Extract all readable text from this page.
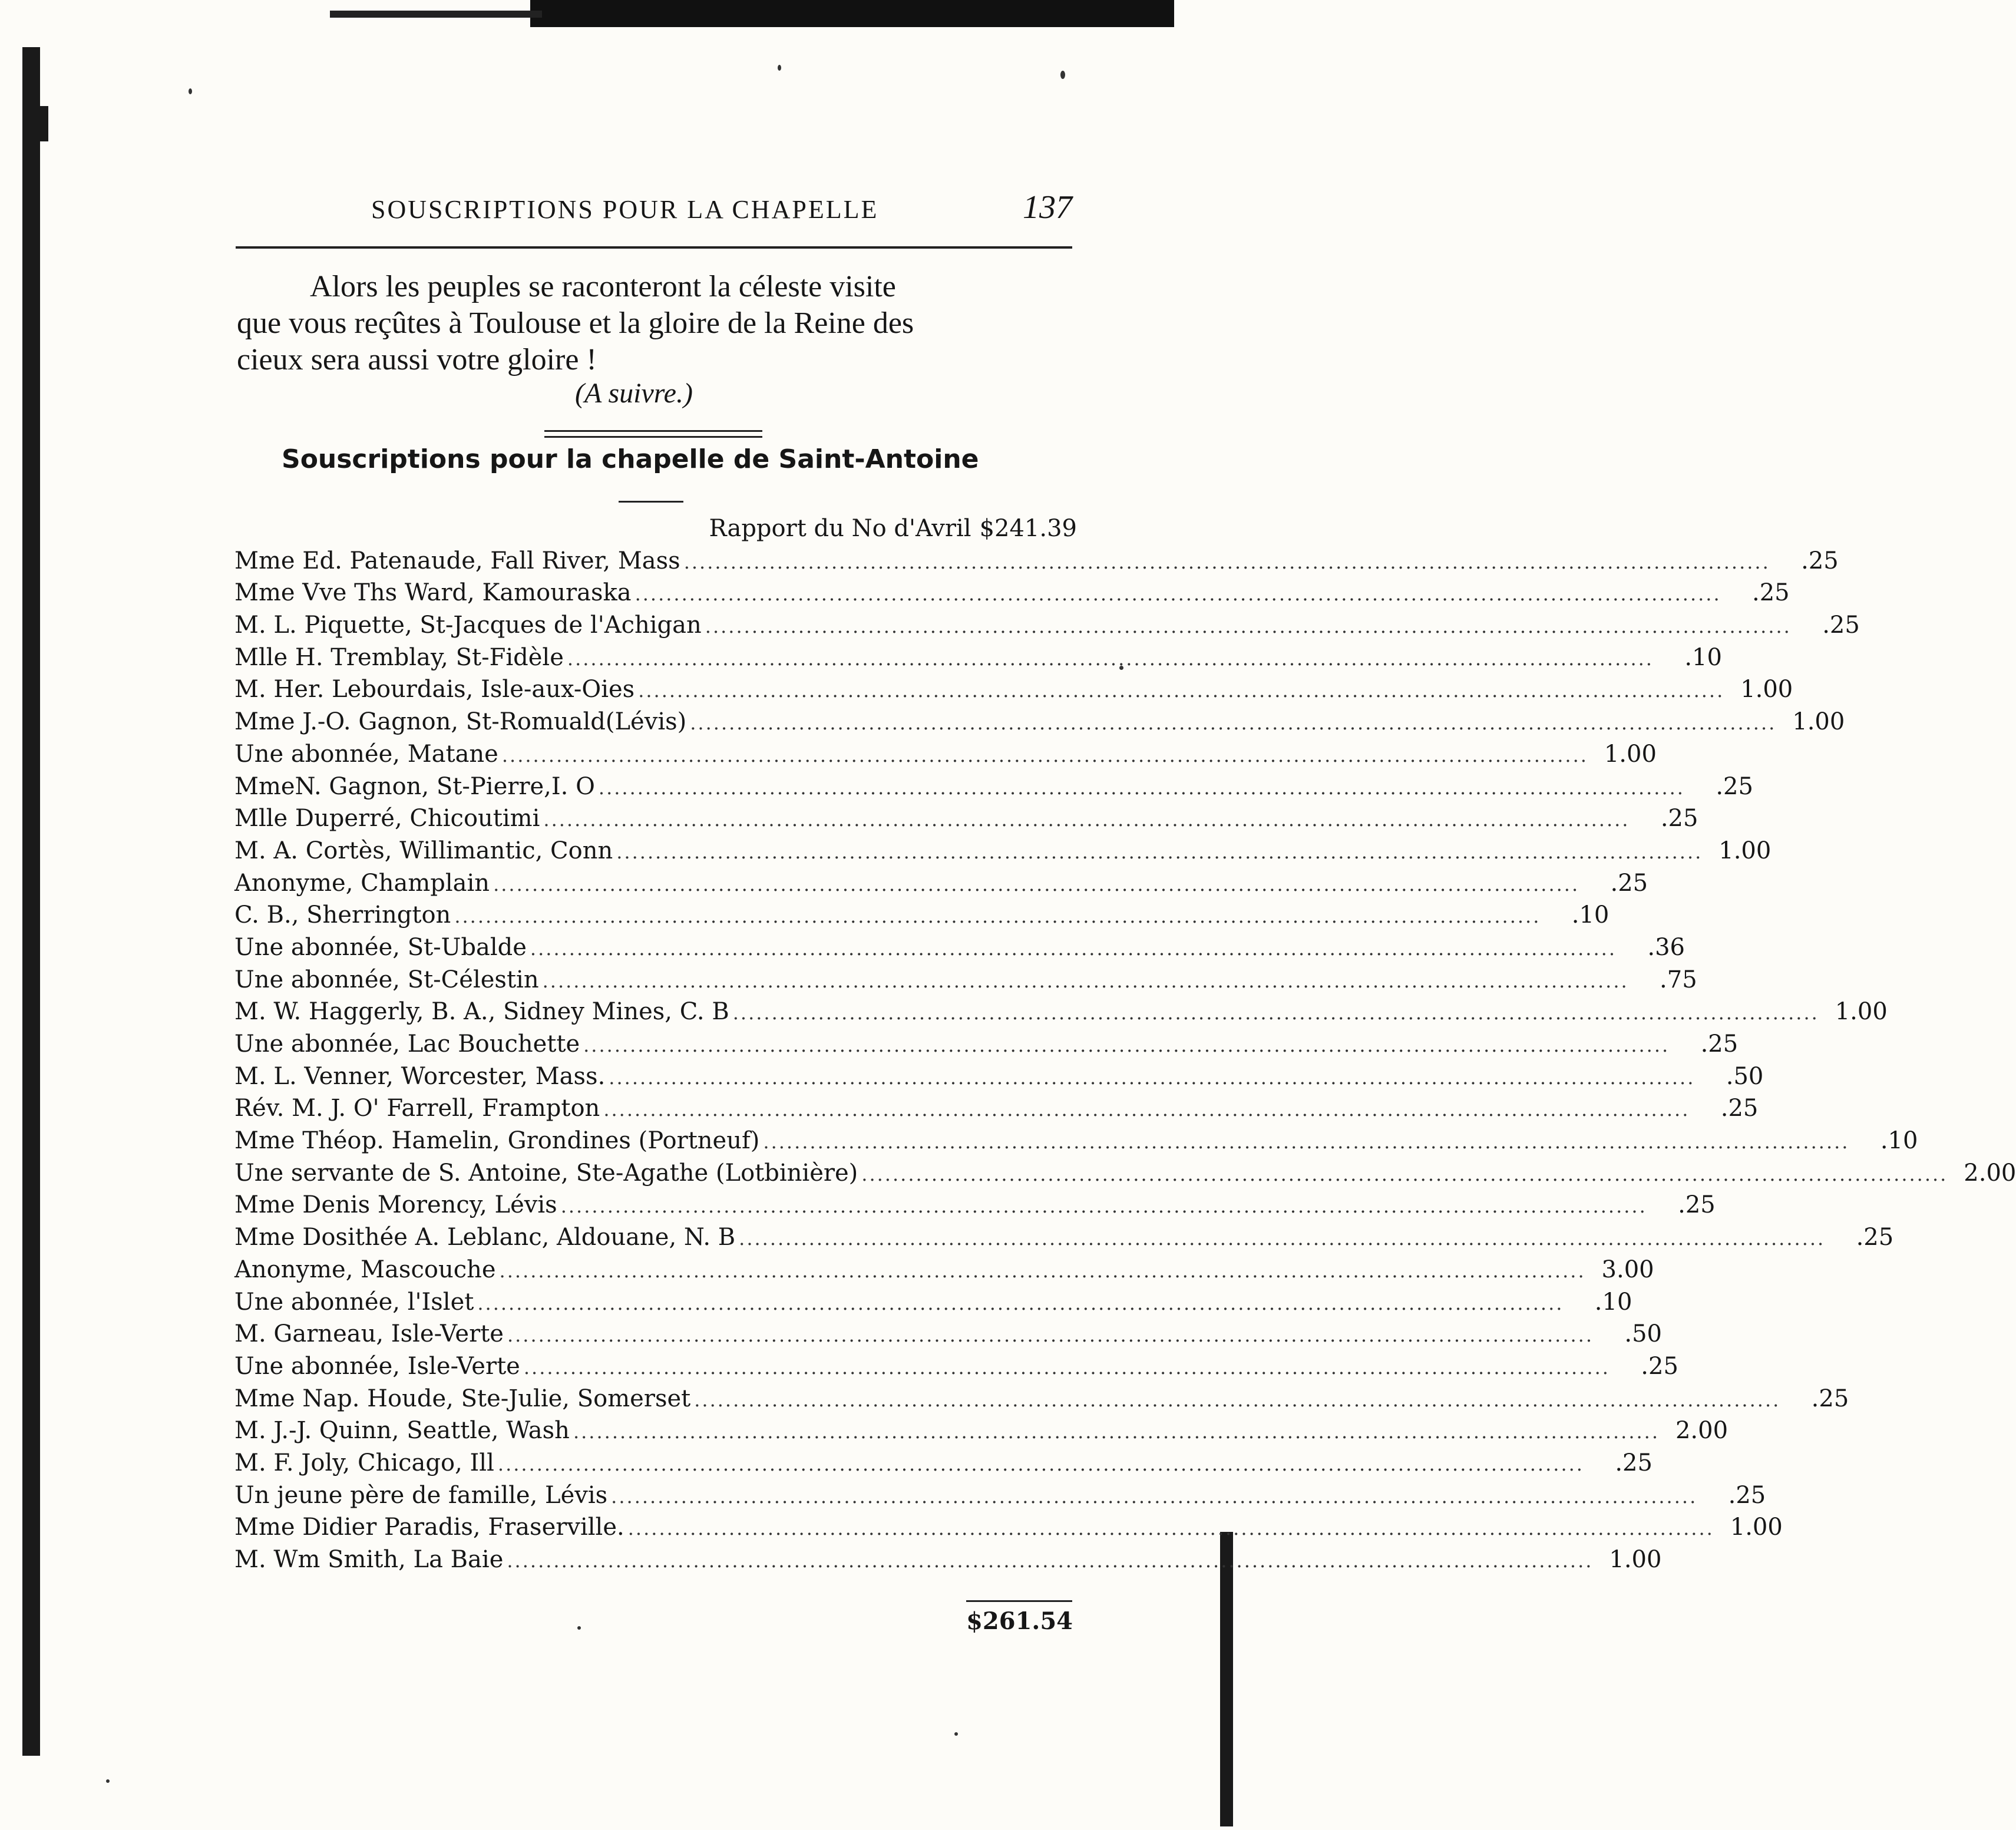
SOUSCRIPTIONS POUR LA CHAPELLE	137
Alors les peuples se raconteront la céleste visite
que vous reçûtes à Toulouse et la gloire de la Reine des
cieux sera aussi votre gloire !
(A suivre.)
Souscriptions pour la chapelle de Saint-Antoine
Rapport du No d'Avril $241.39
Mme Ed. Patenaude, Fall River, Mass ............................................................................................................................................	.25
Mme Vve Ths Ward, Kamouraska ............................................................................................................................................	.25
M. L. Piquette, St-Jacques de l'Achigan ............................................................................................................................................	.25
Mlle H. Tremblay, St-Fidèle ............................................................................................................................................	.10
M. Her. Lebourdais, Isle-aux-Oies ............................................................................................................................................ 1.00
Mme J.-O. Gagnon, St-Romuald(Lévis) ............................................................................................................................................ 1.00
Une abonnée, Matane ............................................................................................................................................ 1.00
MmeN. Gagnon, St-Pierre,I. O ............................................................................................................................................	.25
Mlle Duperré, Chicoutimi ............................................................................................................................................	.25
M. A. Cortès, Willimantic, Conn ............................................................................................................................................ 1.00
Anonyme, Champlain ............................................................................................................................................	.25
C. B., Sherrington ............................................................................................................................................	.10
Une abonnée, St-Ubalde ............................................................................................................................................	.36
Une abonnée, St-Célestin ............................................................................................................................................	.75
M. W. Haggerly, B. A., Sidney Mines, C. B ............................................................................................................................................ 1.00
Une abonnée, Lac Bouchette ............................................................................................................................................	.25
M. L. Venner, Worcester, Mass. ............................................................................................................................................	.50
Rév. M. J. O' Farrell, Frampton ............................................................................................................................................	.25
Mme Théop. Hamelin, Grondines (Portneuf) ............................................................................................................................................	.10
Une servante de S. Antoine, Ste-Agathe (Lotbinière) ............................................................................................................................................ 2.00
Mme Denis Morency, Lévis ............................................................................................................................................	.25
Mme Dosithée A. Leblanc, Aldouane, N. B ............................................................................................................................................	.25
Anonyme, Mascouche ............................................................................................................................................ 3.00
Une abonnée, l'Islet ............................................................................................................................................	.10
M. Garneau, Isle-Verte ............................................................................................................................................	.50
Une abonnée, Isle-Verte ............................................................................................................................................	.25
Mme Nap. Houde, Ste-Julie, Somerset ............................................................................................................................................	.25
M. J.-J. Quinn, Seattle, Wash ............................................................................................................................................ 2.00
M. F. Joly, Chicago, Ill ............................................................................................................................................	.25
Un jeune père de famille, Lévis ............................................................................................................................................	.25
Mme Didier Paradis, Fraserville. ............................................................................................................................................ 1.00
M. Wm Smith, La Baie ............................................................................................................................................ 1.00
$261.54
